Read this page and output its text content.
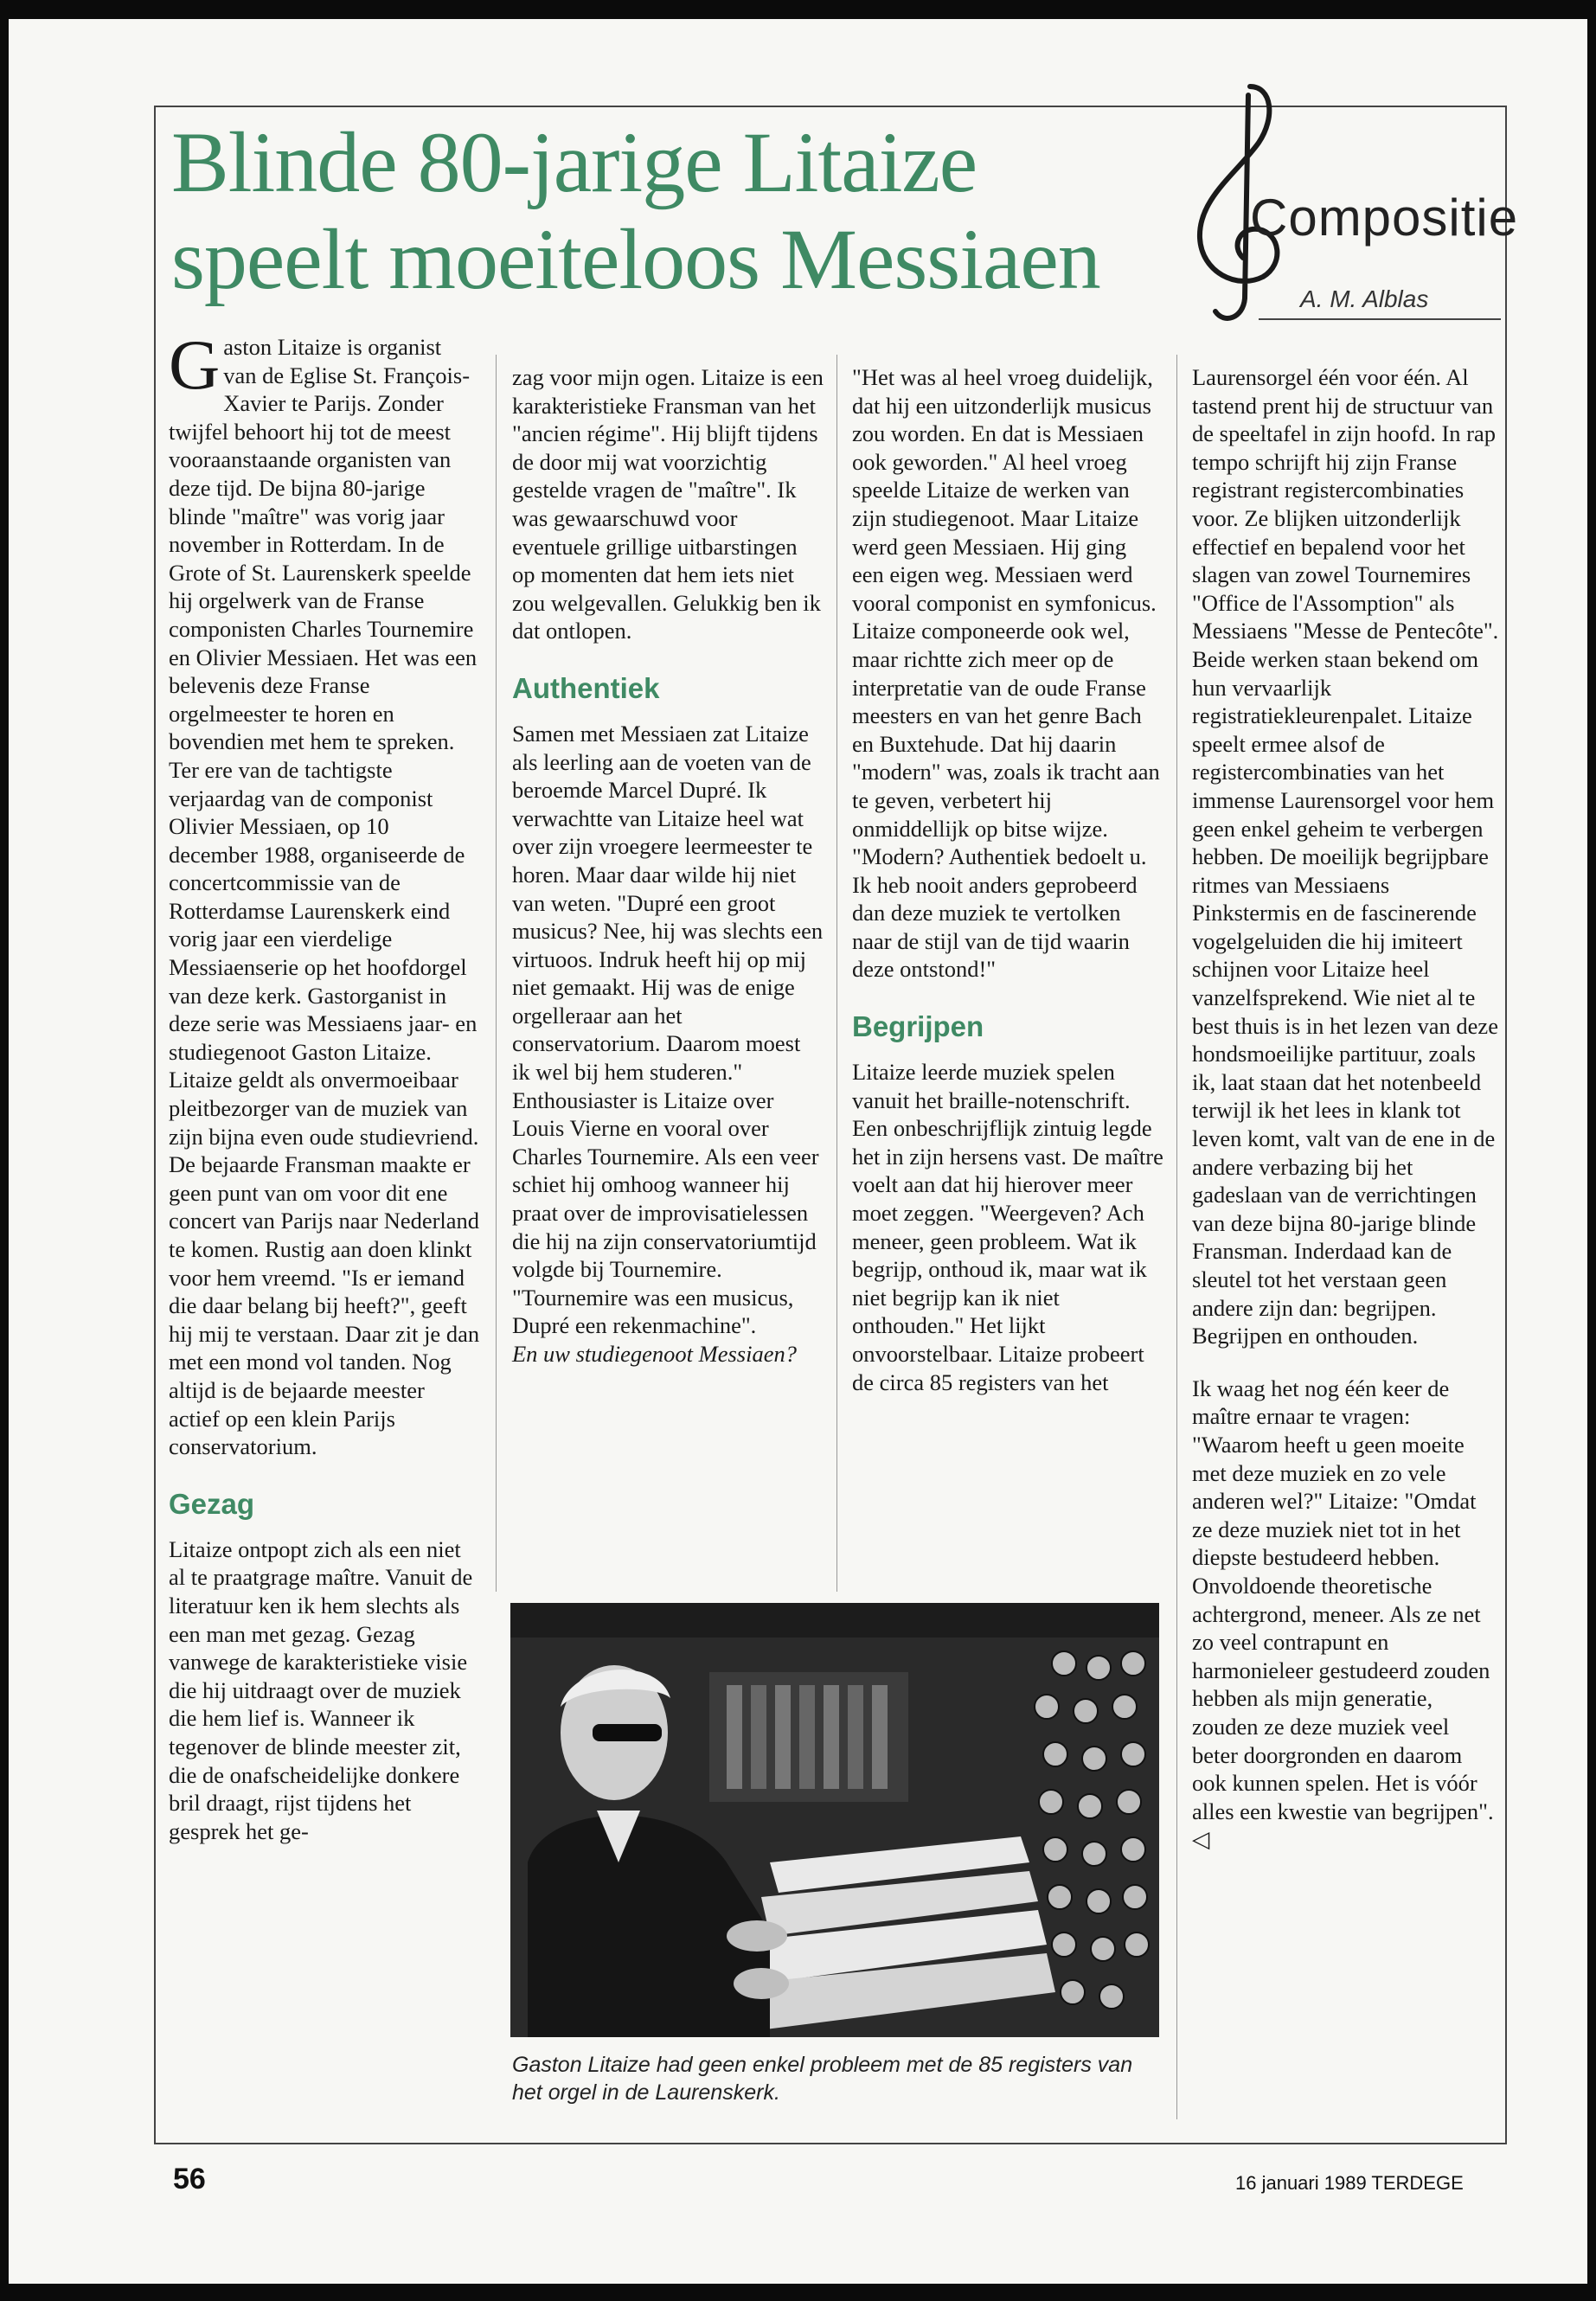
Blinde 80-jarige Litaize
speelt moeiteloos Messiaen	Compositie
A. M. Alblas

Gaston Litaize is organist van de Eglise St. François-Xavier te Parijs. Zonder twijfel behoort hij tot de meest vooraanstaande organisten van deze tijd. De bijna 80-jarige blinde "maître" was vorig jaar november in Rotterdam. In de Grote of St. Laurenskerk speelde hij orgelwerk van de Franse componisten Charles Tournemire en Olivier Messiaen. Het was een belevenis deze Franse orgelmeester te horen en bovendien met hem te spreken. Ter ere van de tachtigste verjaardag van de componist Olivier Messiaen, op 10 december 1988, organiseerde de concertcommissie van de Rotterdamse Laurenskerk eind vorig jaar een vierdelige Messiaenserie op het hoofdorgel van deze kerk. Gastorganist in deze serie was Messiaens jaar- en studiegenoot Gaston Litaize. Litaize geldt als onvermoeibaar pleitbezorger van de muziek van zijn bijna even oude studievriend.

De bejaarde Fransman maakte er geen punt van om voor dit ene concert van Parijs naar Nederland te komen. Rustig aan doen klinkt voor hem vreemd. "Is er iemand die daar belang bij heeft?", geeft hij mij te verstaan. Daar zit je dan met een mond vol tanden. Nog altijd is de bejaarde meester actief op een klein Parijs conservatorium.

Gezag

Litaize ontpopt zich als een niet al te praatgrage maître. Vanuit de literatuur ken ik hem slechts als een man met gezag. Gezag vanwege de karakteristieke visie die hij uitdraagt over de muziek die hem lief is. Wanneer ik tegenover de blinde meester zit, die de onafscheidelijke donkere bril draagt, rijst tijdens het gesprek het ge-

zag voor mijn ogen. Litaize is een karakteristieke Fransman van het "ancien régime". Hij blijft tijdens de door mij wat voorzichtig gestelde vragen de "maître". Ik was gewaarschuwd voor eventuele grillige uitbarstingen op momenten dat hem iets niet zou welgevallen. Gelukkig ben ik dat ontlopen.

Authentiek

Samen met Messiaen zat Litaize als leerling aan de voeten van de beroemde Marcel Dupré. Ik verwachtte van Litaize heel wat over zijn vroegere leermeester te horen. Maar daar wilde hij niet van weten. "Dupré een groot musicus? Nee, hij was slechts een virtuoos. Indruk heeft hij op mij niet gemaakt. Hij was de enige orgelleraar aan het conservatorium. Daarom moest ik wel bij hem studeren." Enthousiaster is Litaize over Louis Vierne en vooral over Charles Tournemire. Als een veer schiet hij omhoog wanneer hij praat over de improvisatielessen die hij na zijn conservatoriumtijd volgde bij Tournemire. "Tournemire was een musicus, Dupré een rekenmachine".

En uw studiegenoot Messiaen?

"Het was al heel vroeg duidelijk, dat hij een uitzonderlijk musicus zou worden. En dat is Messiaen ook geworden." Al heel vroeg speelde Litaize de werken van zijn studiegenoot. Maar Litaize werd geen Messiaen. Hij ging een eigen weg. Messiaen werd vooral componist en symfonicus. Litaize componeerde ook wel, maar richtte zich meer op de interpretatie van de oude Franse meesters en van het genre Bach en Buxtehude. Dat hij daarin "modern" was, zoals ik tracht aan te geven, verbetert hij onmiddellijk op bitse wijze. "Modern? Authentiek bedoelt u. Ik heb nooit anders geprobeerd dan deze muziek te vertolken naar de stijl van de tijd waarin deze ontstond!"

Begrijpen

Litaize leerde muziek spelen vanuit het braille-notenschrift. Een onbeschrijflijk zintuig legde het in zijn hersens vast. De maître voelt aan dat hij hierover meer moet zeggen. "Weergeven? Ach meneer, geen probleem. Wat ik begrijp, onthoud ik, maar wat ik niet begrijp kan ik niet onthouden." Het lijkt onvoorstelbaar. Litaize probeert de circa 85 registers van het

Laurensorgel één voor één. Al tastend prent hij de structuur van de speeltafel in zijn hoofd. In rap tempo schrijft hij zijn Franse registrant registercombinaties voor. Ze blijken uitzonderlijk effectief en bepalend voor het slagen van zowel Tournemires "Office de l'Assomption" als Messiaens "Messe de Pentecôte".

Beide werken staan bekend om hun vervaarlijk registratiekleurenpalet. Litaize speelt ermee alsof de registercombinaties van het immense Laurensorgel voor hem geen enkel geheim te verbergen hebben. De moeilijk begrijpbare ritmes van Messiaens Pinkstermis en de fascinerende vogelgeluiden die hij imiteert schijnen voor Litaize heel vanzelfsprekend. Wie niet al te best thuis is in het lezen van deze hondsmoeilijke partituur, zoals ik, laat staan dat het notenbeeld terwijl ik het lees in klank tot leven komt, valt van de ene in de andere verbazing bij het gadeslaan van de verrichtingen van deze bijna 80-jarige blinde Fransman. Inderdaad kan de sleutel tot het verstaan geen andere zijn dan: begrijpen. Begrijpen en onthouden.

Ik waag het nog één keer de maître ernaar te vragen: "Waarom heeft u geen moeite met deze muziek en zo vele anderen wel?" Litaize: "Omdat ze deze muziek niet tot in het diepste bestudeerd hebben. Onvoldoende theoretische achtergrond, meneer. Als ze net zo veel contrapunt en harmonieleer gestudeerd zouden hebben als mijn generatie, zouden ze deze muziek veel beter doorgronden en daarom ook kunnen spelen. Het is vóór alles een kwestie van begrijpen". ◁

Gaston Litaize had geen enkel probleem met de 85 registers van het orgel in de Laurenskerk.
56	16 januari 1989 TERDEGE
